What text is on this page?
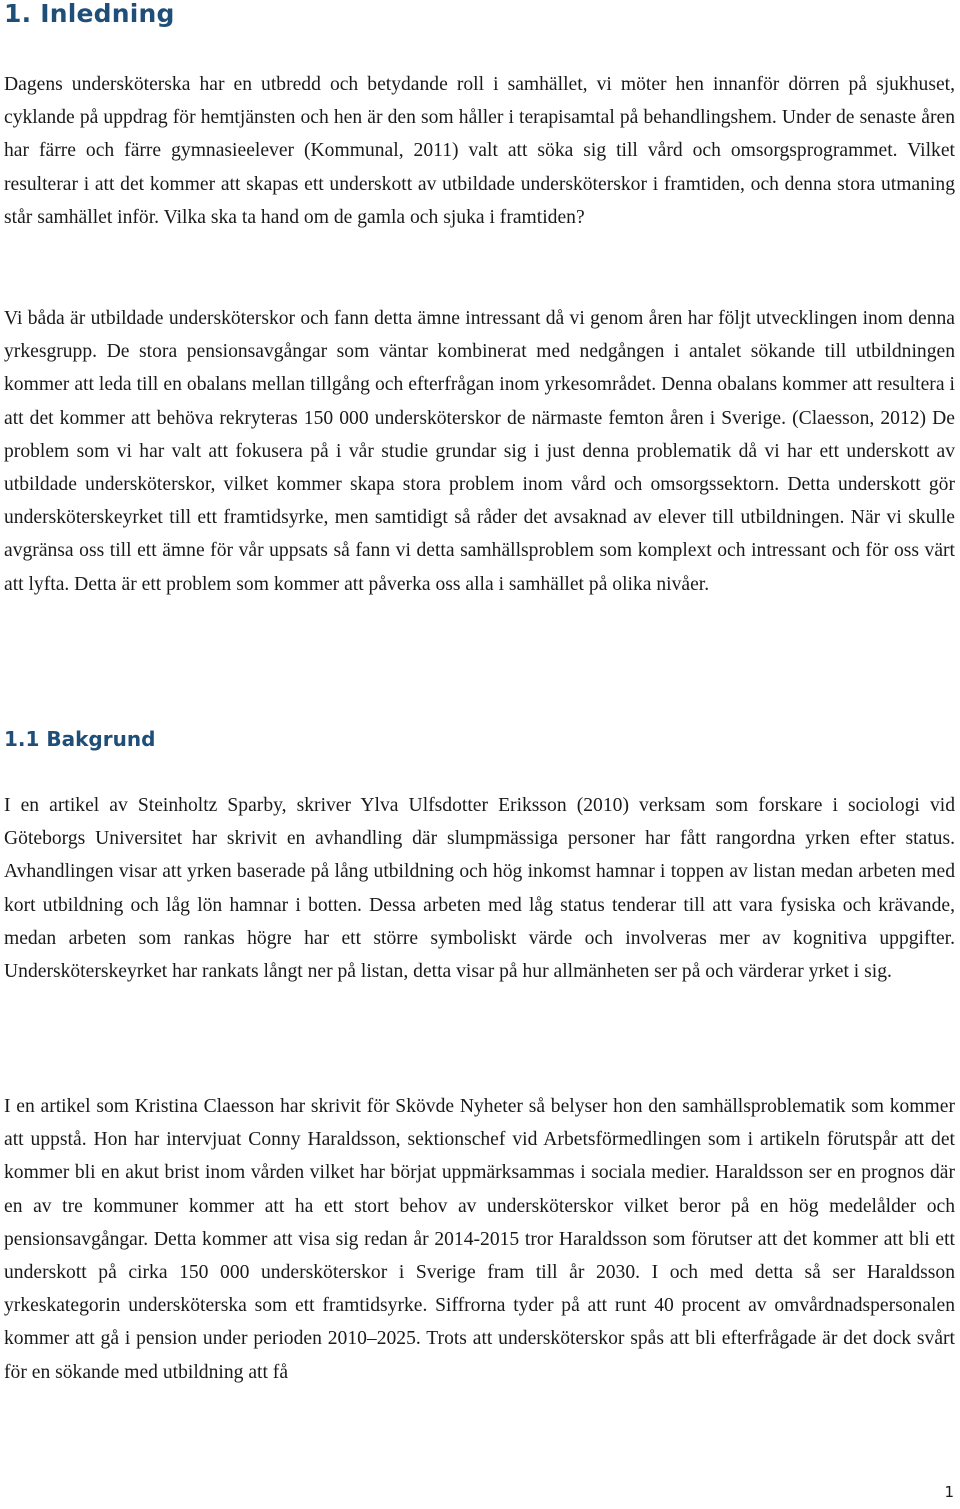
1. Inledning

Dagens undersköterska har en utbredd och betydande roll i samhället, vi möter hen innanför dörren på sjukhuset, cyklande på uppdrag för hemtjänsten och hen är den som håller i terapisamtal på behandlingshem. Under de senaste åren har färre och färre gymnasieelever (Kommunal, 2011) valt att söka sig till vård och omsorgsprogrammet. Vilket resulterar i att det kommer att skapas ett underskott av utbildade undersköterskor i framtiden, och denna stora utmaning står samhället inför. Vilka ska ta hand om de gamla och sjuka i framtiden?

Vi båda är utbildade undersköterskor och fann detta ämne intressant då vi genom åren har följt utvecklingen inom denna yrkesgrupp. De stora pensionsavgångar som väntar kombinerat med nedgången i antalet sökande till utbildningen kommer att leda till en obalans mellan tillgång och efterfrågan inom yrkesområdet. Denna obalans kommer att resultera i att det kommer att behöva rekryteras 150 000 undersköterskor de närmaste femton åren i Sverige. (Claesson, 2012) De problem som vi har valt att fokusera på i vår studie grundar sig i just denna problematik då vi har ett underskott av utbildade undersköterskor, vilket kommer skapa stora problem inom vård och omsorgssektorn. Detta underskott gör undersköterskeyrket till ett framtidsyrke, men samtidigt så råder det avsaknad av elever till utbildningen. När vi skulle avgränsa oss till ett ämne för vår uppsats så fann vi detta samhällsproblem som komplext och intressant och för oss värt att lyfta. Detta är ett problem som kommer att påverka oss alla i samhället på olika nivåer.

1.1 Bakgrund

I en artikel av Steinholtz Sparby, skriver Ylva Ulfsdotter Eriksson (2010) verksam som forskare i sociologi vid Göteborgs Universitet har skrivit en avhandling där slumpmässiga personer har fått rangordna yrken efter status. Avhandlingen visar att yrken baserade på lång utbildning och hög inkomst hamnar i toppen av listan medan arbeten med kort utbildning och låg lön hamnar i botten. Dessa arbeten med låg status tenderar till att vara fysiska och krävande, medan arbeten som rankas högre har ett större symboliskt värde och involveras mer av kognitiva uppgifter. Undersköterskeyrket har rankats långt ner på listan, detta visar på hur allmänheten ser på och värderar yrket i sig.

I en artikel som Kristina Claesson har skrivit för Skövde Nyheter så belyser hon den samhällsproblematik som kommer att uppstå. Hon har intervjuat Conny Haraldsson, sektionschef vid Arbetsförmedlingen som i artikeln förutspår att det kommer bli en akut brist inom vården vilket har börjat uppmärksammas i sociala medier. Haraldsson ser en prognos där en av tre kommuner kommer att ha ett stort behov av undersköterskor vilket beror på en hög medelålder och pensionsavgångar. Detta kommer att visa sig redan år 2014-2015 tror Haraldsson som förutser att det kommer att bli ett underskott på cirka 150 000 undersköterskor i Sverige fram till år 2030. I och med detta så ser Haraldsson yrkeskategorin undersköterska som ett framtidsyrke. Siffrorna tyder på att runt 40 procent av omvårdnadspersonalen kommer att gå i pension under perioden 2010–2025. Trots att undersköterskor spås att bli efterfrågade är det dock svårt för en sökande med utbildning att få

1
